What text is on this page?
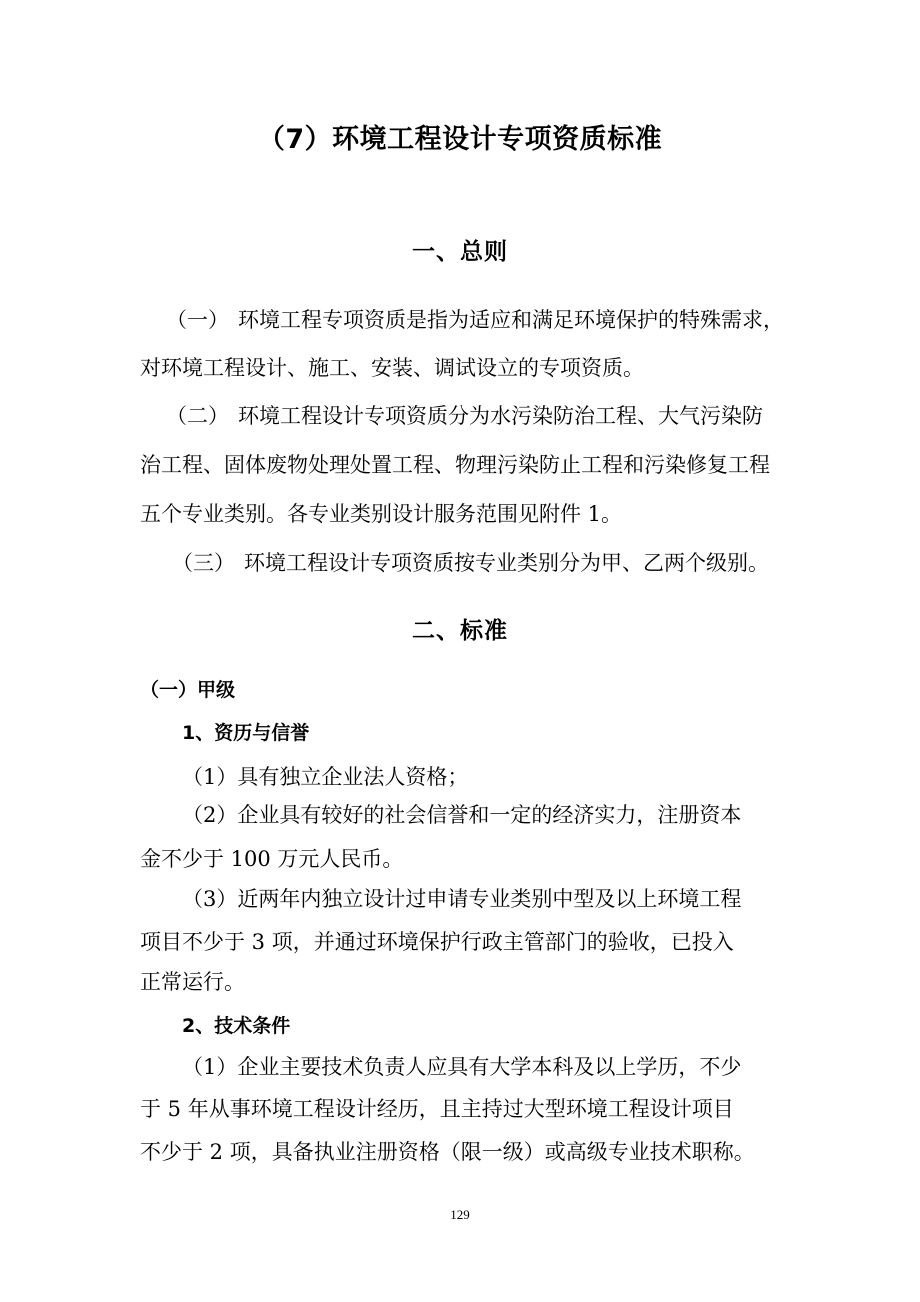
（7）环境工程设计专项资质标准
一、总则
（一） 环境工程专项资质是指为适应和满足环境保护的特殊需求，
对环境工程设计、施工、安装、调试设立的专项资质。
（二） 环境工程设计专项资质分为水污染防治工程、大气污染防
治工程、固体废物处理处置工程、物理污染防止工程和污染修复工程
五个专业类别。各专业类别设计服务范围见附件 1。
（三） 环境工程设计专项资质按专业类别分为甲、乙两个级别。
二、标准
（一）甲级
1、资历与信誉
（1）具有独立企业法人资格；
（2）企业具有较好的社会信誉和一定的经济实力，注册资本
金不少于 100 万元人民币。
（3）近两年内独立设计过申请专业类别中型及以上环境工程
项目不少于 3 项，并通过环境保护行政主管部门的验收，已投入
正常运行。
2、技术条件
（1）企业主要技术负责人应具有大学本科及以上学历，不少
于 5 年从事环境工程设计经历，且主持过大型环境工程设计项目
不少于 2 项，具备执业注册资格（限一级）或高级专业技术职称。
129
